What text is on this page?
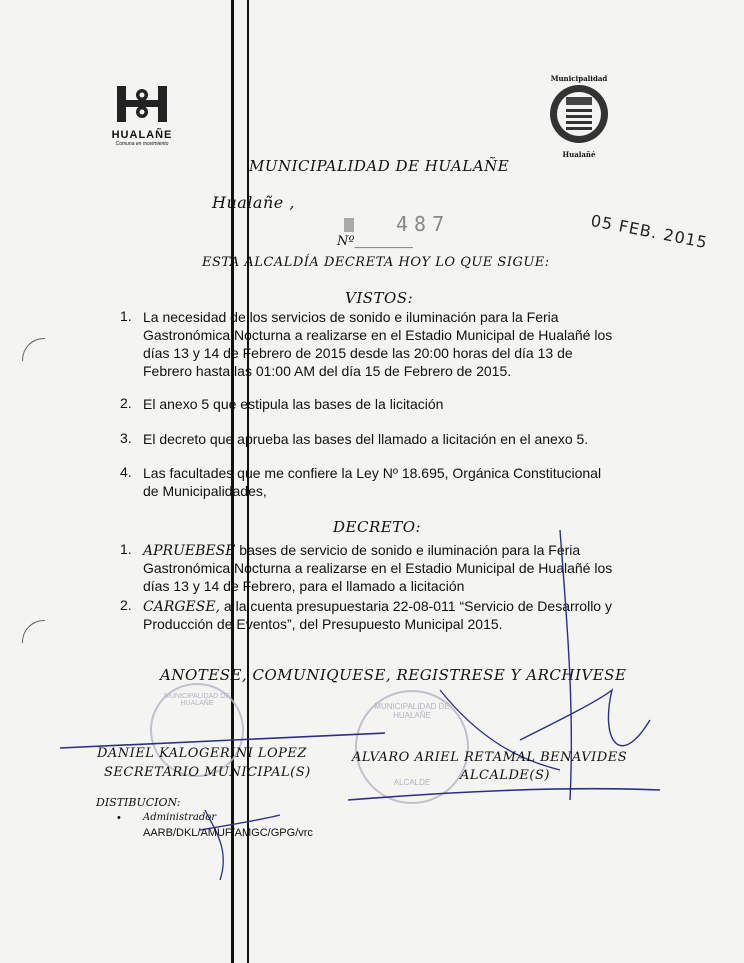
HUALAÑE
Comuna en movimiento
Municipalidad
Hualañé
MUNICIPALIDAD DE HUALAÑE
Hualañe ,
487
Nº_________	05 FEB. 2015
ESTA ALCALDÍA DECRETA HOY LO QUE SIGUE:
VISTOS:
1. La necesidad de los servicios de sonido e iluminación para la Feria
Gastronómica Nocturna a realizarse en el Estadio Municipal de Hualañé los
días 13 y 14 de Febrero de 2015 desde las 20:00 horas del día 13 de
Febrero hasta las 01:00 AM del día 15 de Febrero de 2015.
2. El anexo 5 que estipula las bases de la licitación
3. El decreto que aprueba las bases del llamado a licitación en el anexo 5.
4. Las facultades que me confiere la Ley Nº 18.695, Orgánica Constitucional
de Municipalidades,
DECRETO:
1. APRUEBESE bases de servicio de sonido e iluminación para la Feria
Gastronómica Nocturna a realizarse en el Estadio Municipal de Hualañé los
días 13 y 14 de Febrero, para el llamado a licitación
2. CARGESE, a la cuenta presupuestaria 22-08-011 “Servicio de Desarrollo y
Producción de Eventos”, del Presupuesto Municipal 2015.
ANOTESE, COMUNIQUESE, REGISTRESE Y ARCHIVESE
MUNICIPALIDAD DE HUALAÑE	MUNICIPALIDAD DE HUALAÑE
ALCALDE
DANIEL KALOGERINI LOPEZ
SECRETARIO MUNICIPAL(S)
ALVARO ARIEL RETAMAL BENAVIDES
ALCALDE(S)
DISTIBUCION:
• Administrador
AARB/DKL/AMUF/AMGC/GPG/vrc
